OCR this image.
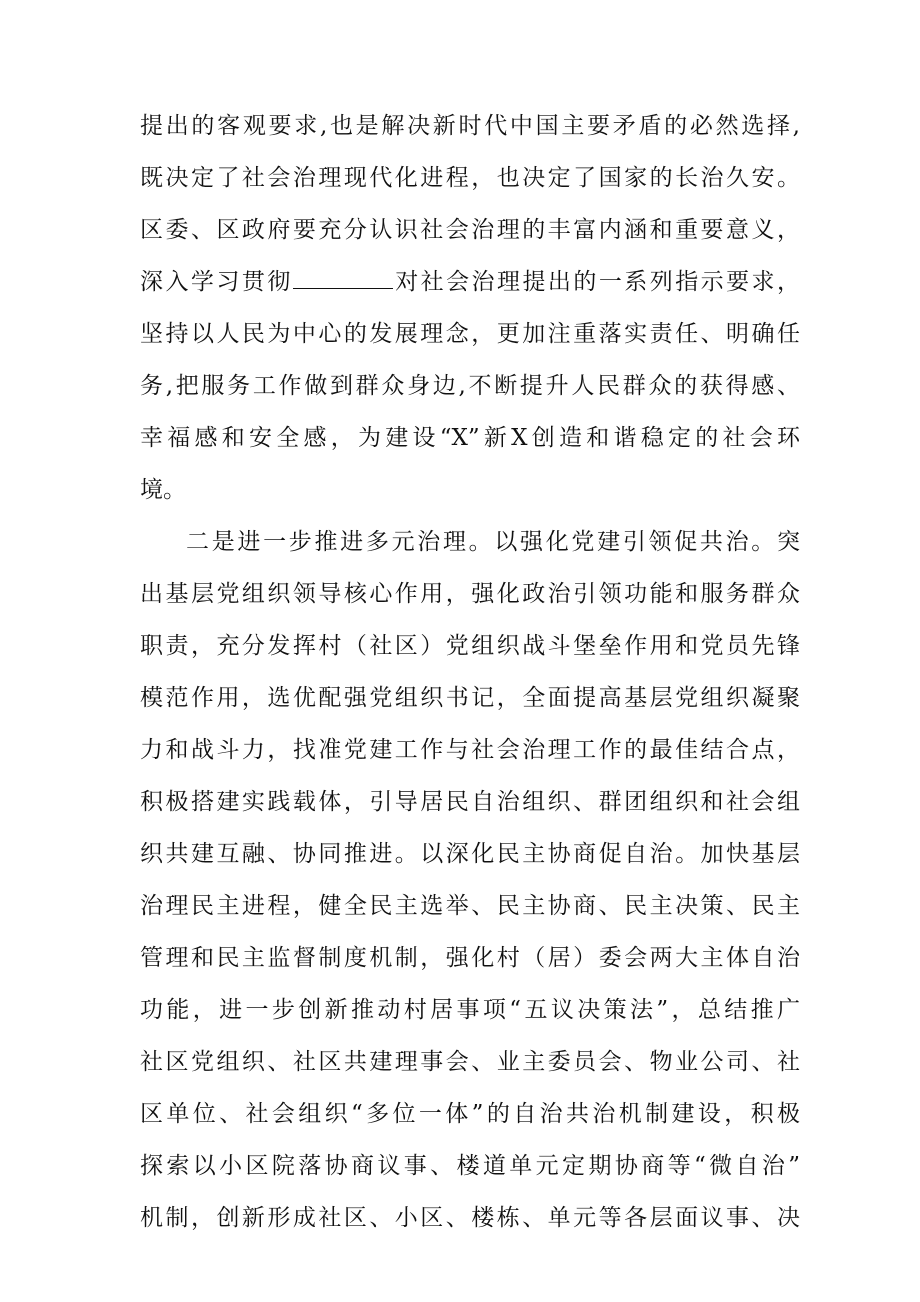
提出的客观要求,也是解决新时代中国主要矛盾的必然选择,
既决定了社会治理现代化进程，也决定了国家的长治久安。
区委、区政府要充分认识社会治理的丰富内涵和重要意义，
深入学习贯彻	对社会治理提出的一系列指示要求，
坚持以人民为中心的发展理念，更加注重落实责任、明确任
务,把服务工作做到群众身边,不断提升人民群众的获得感、
幸福感和安全感，为建设“X”新X创造和谐稳定的社会环
境。
二是进一步推进多元治理。以强化党建引领促共治。突
出基层党组织领导核心作用，强化政治引领功能和服务群众
职责，充分发挥村（社区）党组织战斗堡垒作用和党员先锋
模范作用，选优配强党组织书记，全面提高基层党组织凝聚
力和战斗力，找准党建工作与社会治理工作的最佳结合点，
积极搭建实践载体，引导居民自治组织、群团组织和社会组
织共建互融、协同推进。以深化民主协商促自治。加快基层
治理民主进程，健全民主选举、民主协商、民主决策、民主
管理和民主监督制度机制，强化村（居）委会两大主体自治
功能，进一步创新推动村居事项“五议决策法”，总结推广
社区党组织、社区共建理事会、业主委员会、物业公司、社
区单位、社会组织“多位一体”的自治共治机制建设，积极
探索以小区院落协商议事、楼道单元定期协商等“微自治”
机制，创新形成社区、小区、楼栋、单元等各层面议事、决
